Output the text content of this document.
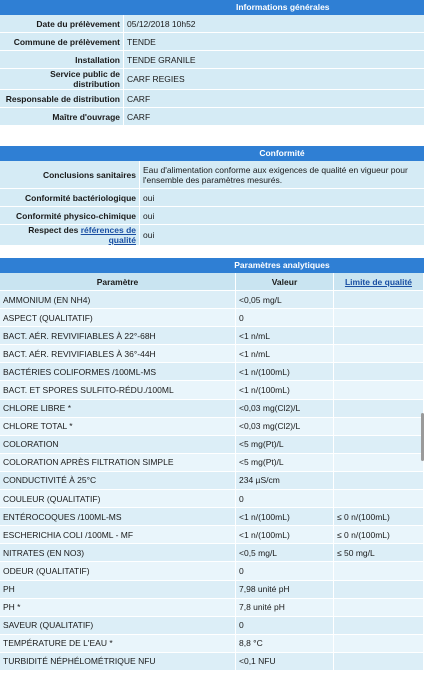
Informations générales
Date du prélèvement	05/12/2018 10h52
Commune de prélèvement	TENDE
Installation	TENDE GRANILE
Service public de distribution	CARF REGIES
Responsable de distribution	CARF
Maître d'ouvrage	CARF
Conformité
Conclusions sanitaires	Eau d'alimentation conforme aux exigences de qualité en vigueur pour l'ensemble des paramètres mesurés.
Conformité bactériologique	oui
Conformité physico-chimique	oui
Respect des références de qualité	oui
Paramètres analytiques
Paramètre	Valeur	Limite de qualité
AMMONIUM (EN NH4)	<0,05 mg/L	
ASPECT (QUALITATIF)	0	
BACT. AÉR. REVIVIFIABLES À 22°-68H	<1 n/mL	
BACT. AÉR. REVIVIFIABLES À 36°-44H	<1 n/mL	
BACTÉRIES COLIFORMES /100ML-MS	<1 n/(100mL)	
BACT. ET SPORES SULFITO-RÉDU./100ML	<1 n/(100mL)	
CHLORE LIBRE *	<0,03 mg(Cl2)/L	
CHLORE TOTAL *	<0,03 mg(Cl2)/L	
COLORATION	<5 mg(Pt)/L	
COLORATION APRÈS FILTRATION SIMPLE	<5 mg(Pt)/L	
CONDUCTIVITÉ À 25°C	234 µS/cm	
COULEUR (QUALITATIF)	0	
ENTÉROCOQUES /100ML-MS	<1 n/(100mL)	≤ 0 n/(100mL)
ESCHERICHIA COLI /100ML - MF	<1 n/(100mL)	≤ 0 n/(100mL)
NITRATES (EN NO3)	<0,5 mg/L	≤ 50 mg/L
ODEUR (QUALITATIF)	0	
PH	7,98 unité pH	
PH *	7,8 unité pH	
SAVEUR (QUALITATIF)	0	
TEMPÉRATURE DE L'EAU *	8,8 °C	
TURBIDITÉ NÉPHÉLOMÉTRIQUE NFU	<0,1 NFU	
